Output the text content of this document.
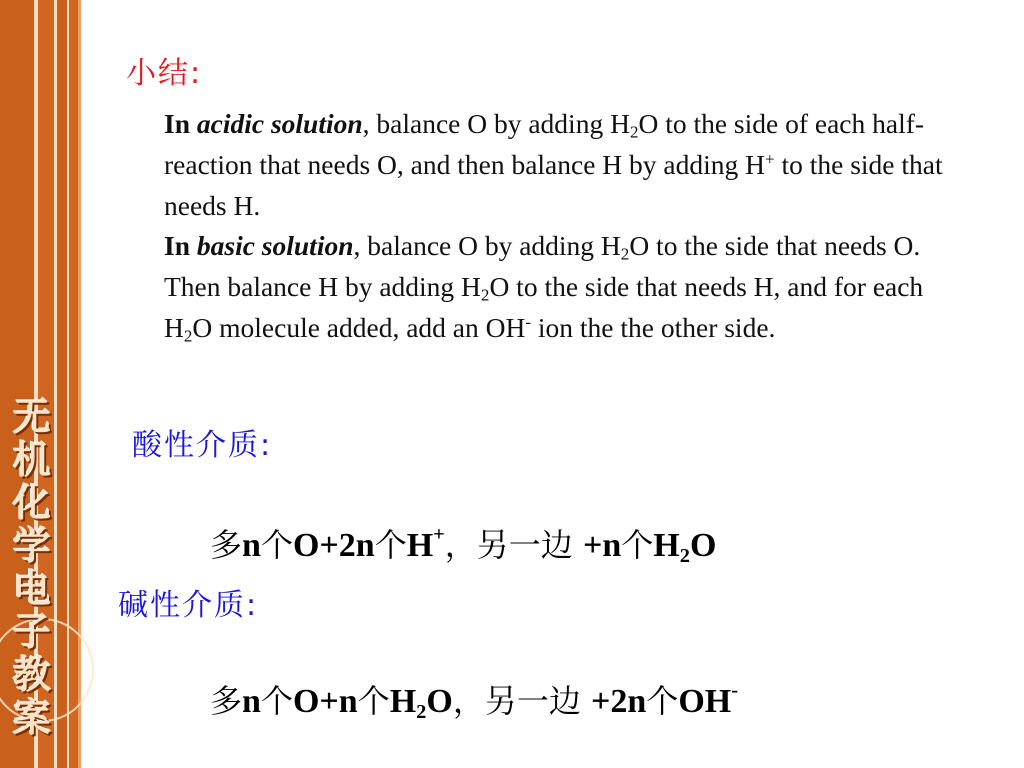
无
机
化
学
电
子
教
案
小结:

In acidic solution, balance O by adding $H_2O$ to the side of each half-reaction that needs O, and then balance H by adding H+ to the side that needs H.

In basic solution, balance O by adding $H_2O$ to the side that needs O. Then balance H by adding $H_2O$ to the side that needs H, and for each $H_2O$ molecule added, add an OH- ion the the other side.

酸性介质:
多n个O+2n个H+，另一边 +n个$H_2O$
碱性介质:
多n个O+n个$H_2O$，另一边 +2n个OH-
